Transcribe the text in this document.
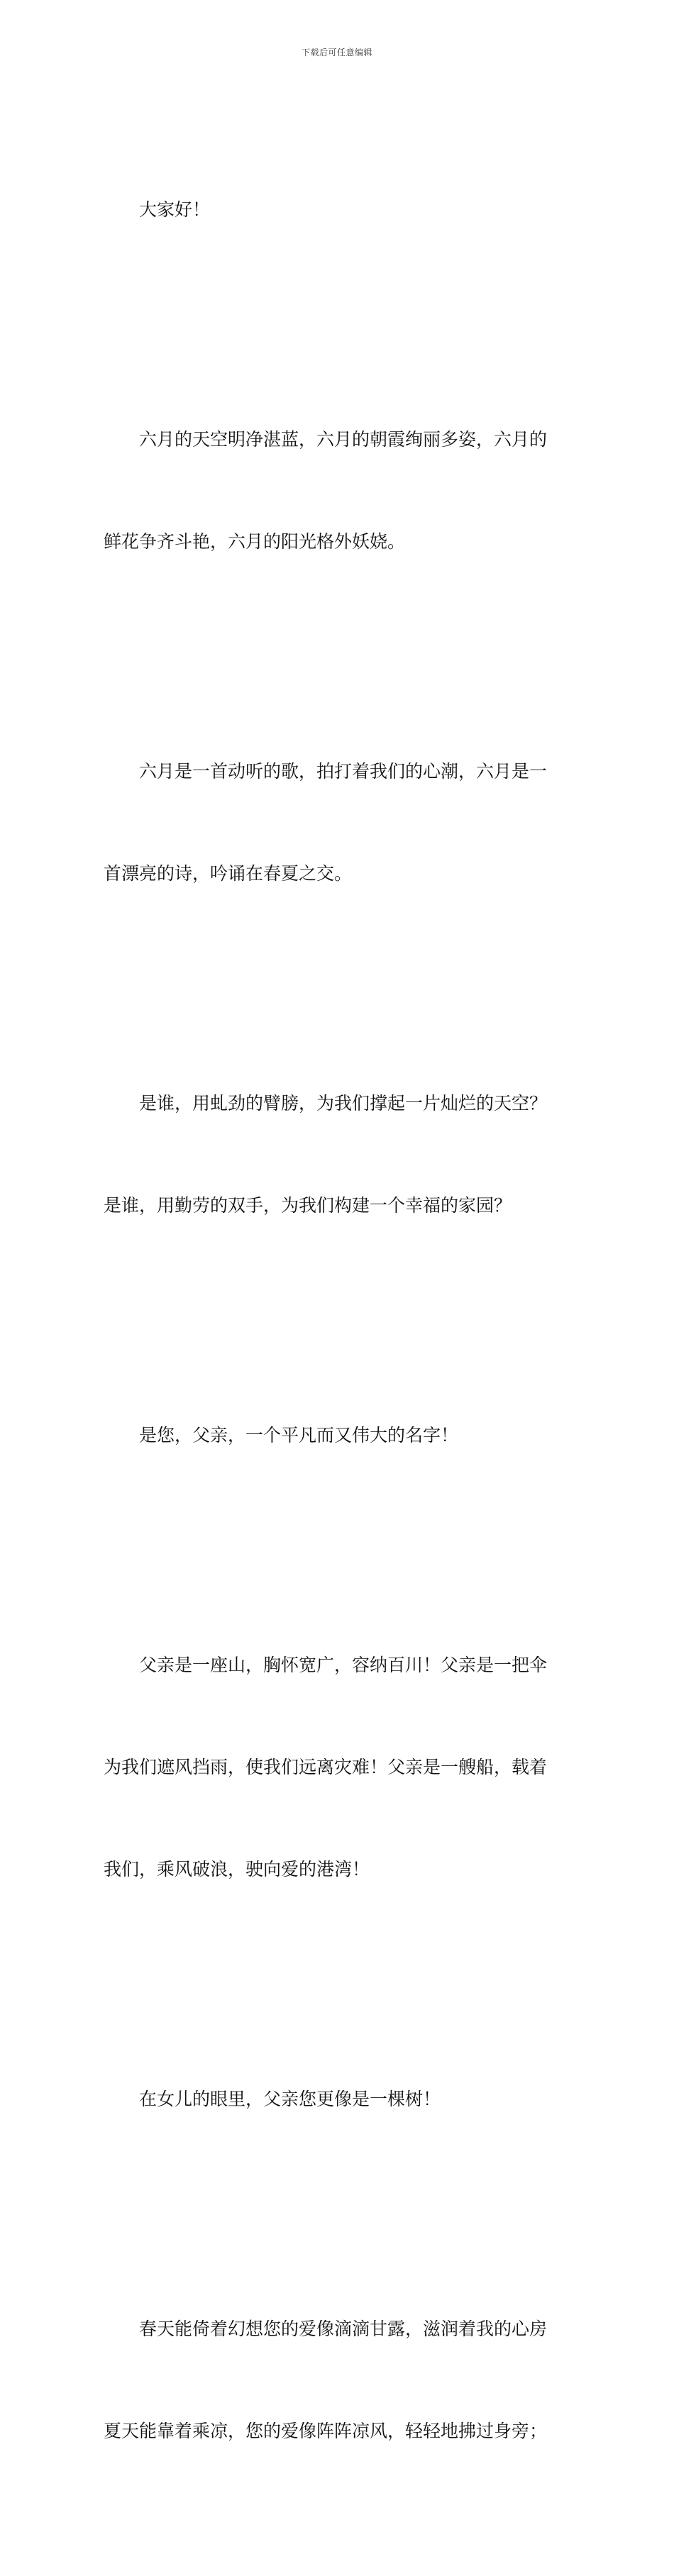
下载后可任意编辑

大家好！

六月的天空明净湛蓝，六月的朝霞绚丽多姿，六月的

鲜花争齐斗艳，六月的阳光格外妖娆。

六月是一首动听的歌，拍打着我们的心潮，六月是一

首漂亮的诗，吟诵在春夏之交。

是谁，用虬劲的臂膀，为我们撑起一片灿烂的天空？

是谁，用勤劳的双手，为我们构建一个幸福的家园？

是您，父亲，一个平凡而又伟大的名字！

父亲是一座山，胸怀宽广，容纳百川！父亲是一把伞

为我们遮风挡雨，使我们远离灾难！父亲是一艘船，载着

我们，乘风破浪，驶向爱的港湾！

在女儿的眼里，父亲您更像是一棵树！

春天能倚着幻想您的爱像滴滴甘露，滋润着我的心房

夏天能靠着乘凉，您的爱像阵阵凉风，轻轻地拂过身旁；
